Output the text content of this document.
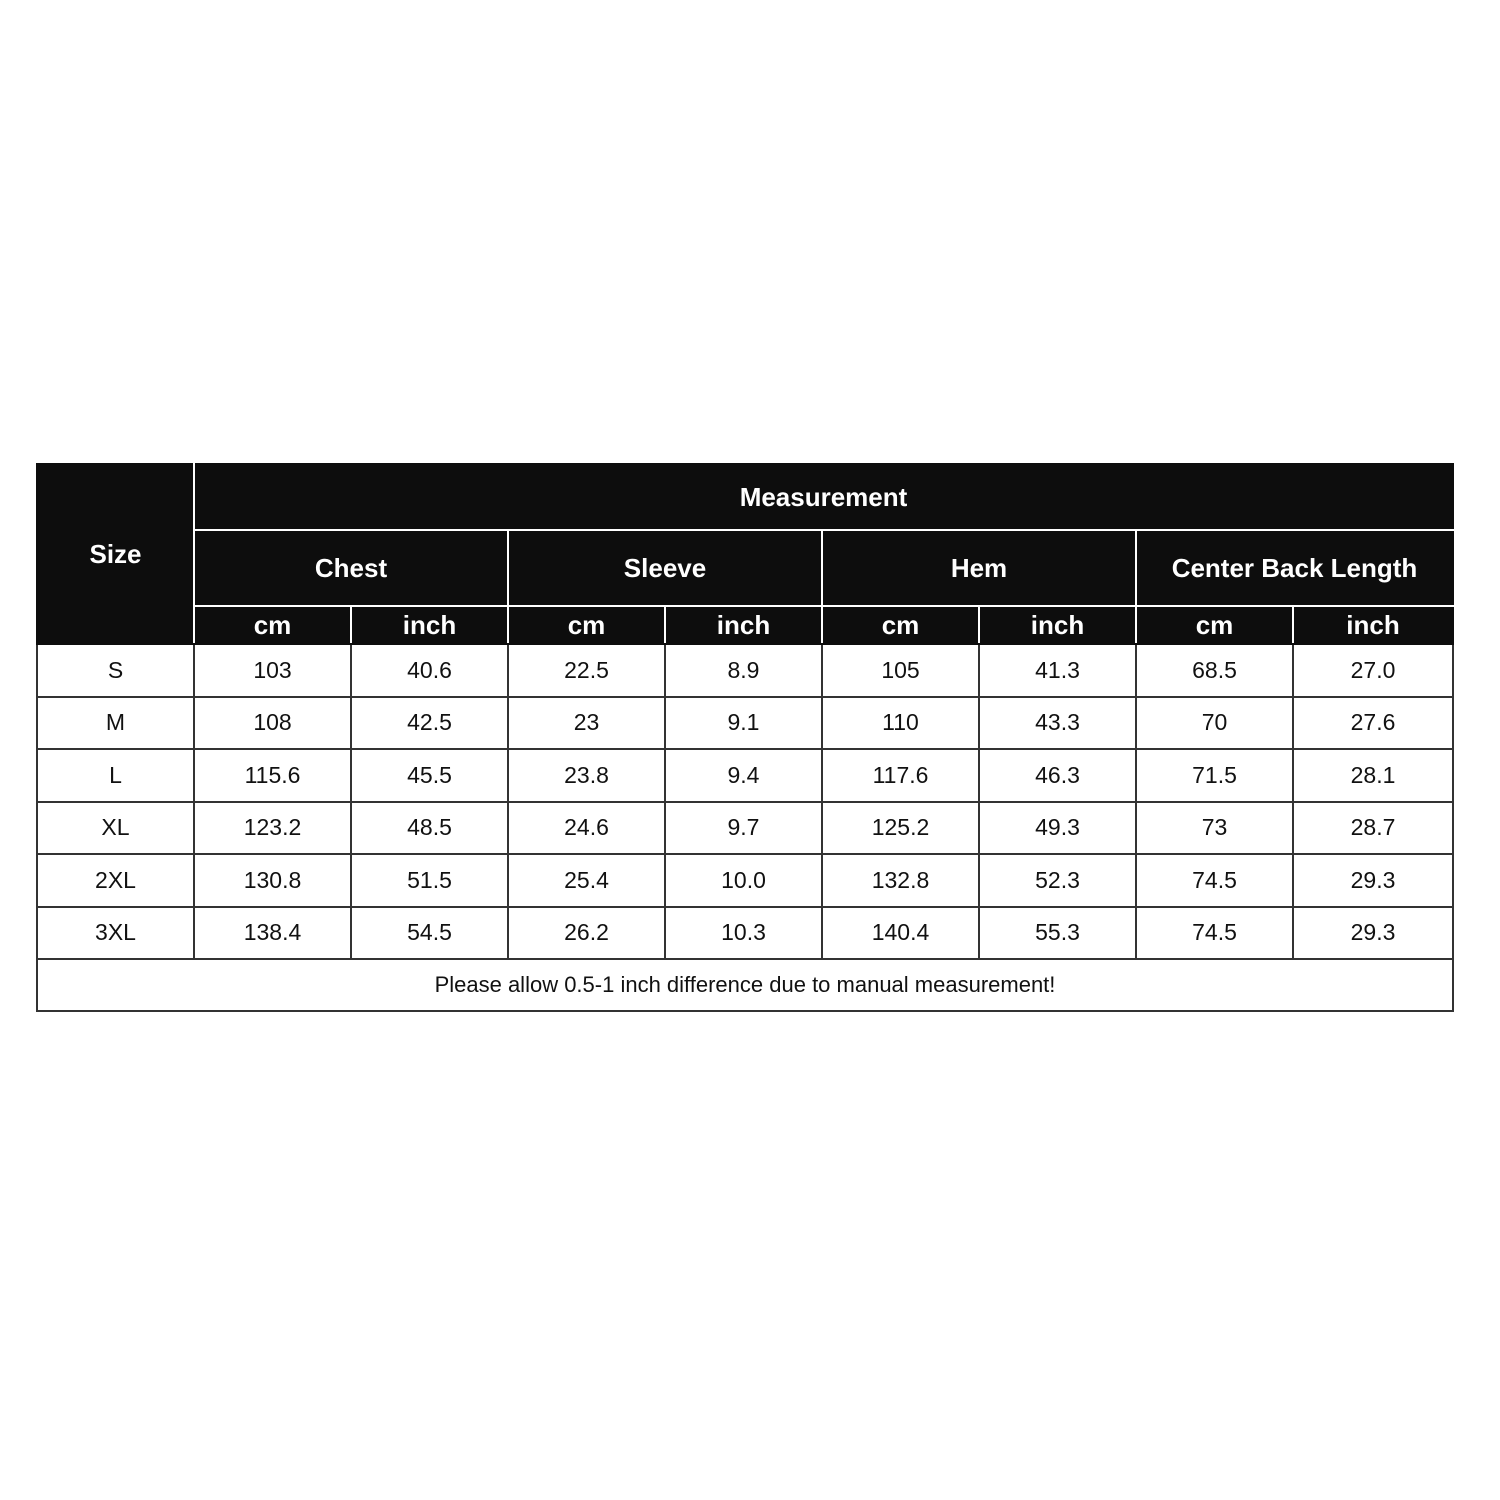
Size	Measurement							
	Chest		Sleeve		Hem		Center Back Length	
	cm	inch	cm	inch	cm	inch	cm	inch
S	103	40.6	22.5	8.9	105	41.3	68.5	27.0
M	108	42.5	23	9.1	110	43.3	70	27.6
L	115.6	45.5	23.8	9.4	117.6	46.3	71.5	28.1
XL	123.2	48.5	24.6	9.7	125.2	49.3	73	28.7
2XL	130.8	51.5	25.4	10.0	132.8	52.3	74.5	29.3
3XL	138.4	54.5	26.2	10.3	140.4	55.3	74.5	29.3
Please allow 0.5-1 inch difference due to manual measurement!								
